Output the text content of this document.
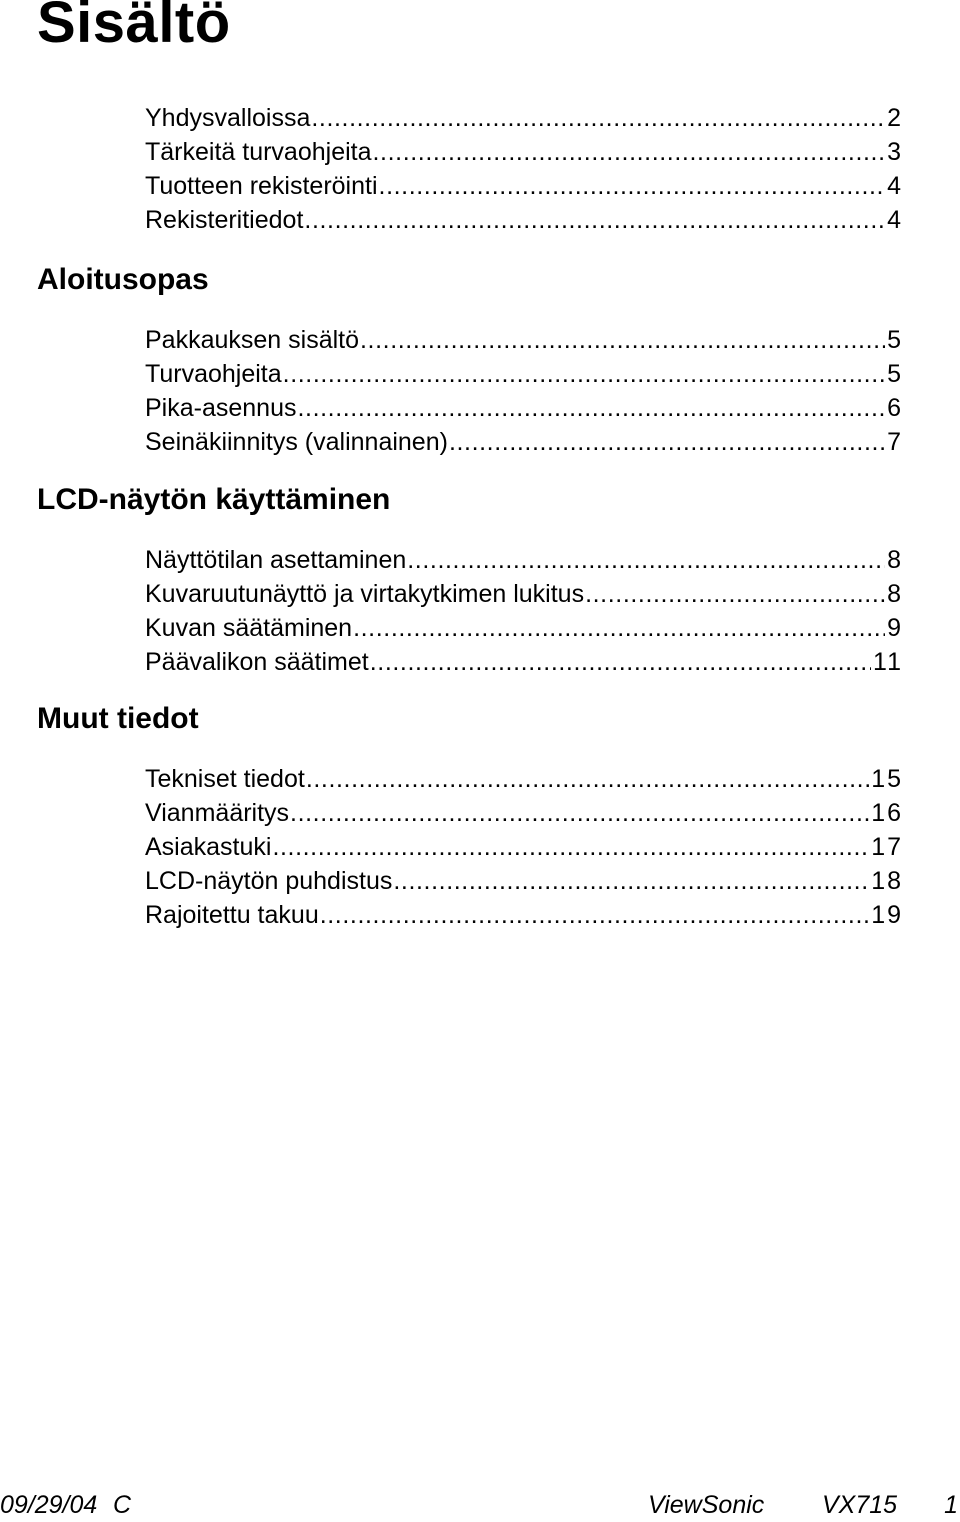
Sisältö
Yhdysvalloissa .....	2
Tärkeitä turvaohjeita .....	3
Tuotteen rekisteröinti .....	4
Rekisteritiedot .....	4
Aloitusopas
Pakkauksen sisältö .....	5
Turvaohjeita .....	5
Pika-asennus .....	6
Seinäkiinnitys (valinnainen) .....	7
LCD-näytön käyttäminen
Näyttötilan asettaminen .....	8
Kuvaruutunäyttö ja virtakytkimen lukitus .....	8
Kuvan säätäminen .....	9
Päävalikon säätimet .....	11
Muut tiedot
Tekniset tiedot .....	15
Vianmääritys .....	16
Asiakastuki .....	17
LCD-näytön puhdistus .....	18
Rajoitettu takuu .....	19
09/29/04 C	ViewSonic VX715 1
